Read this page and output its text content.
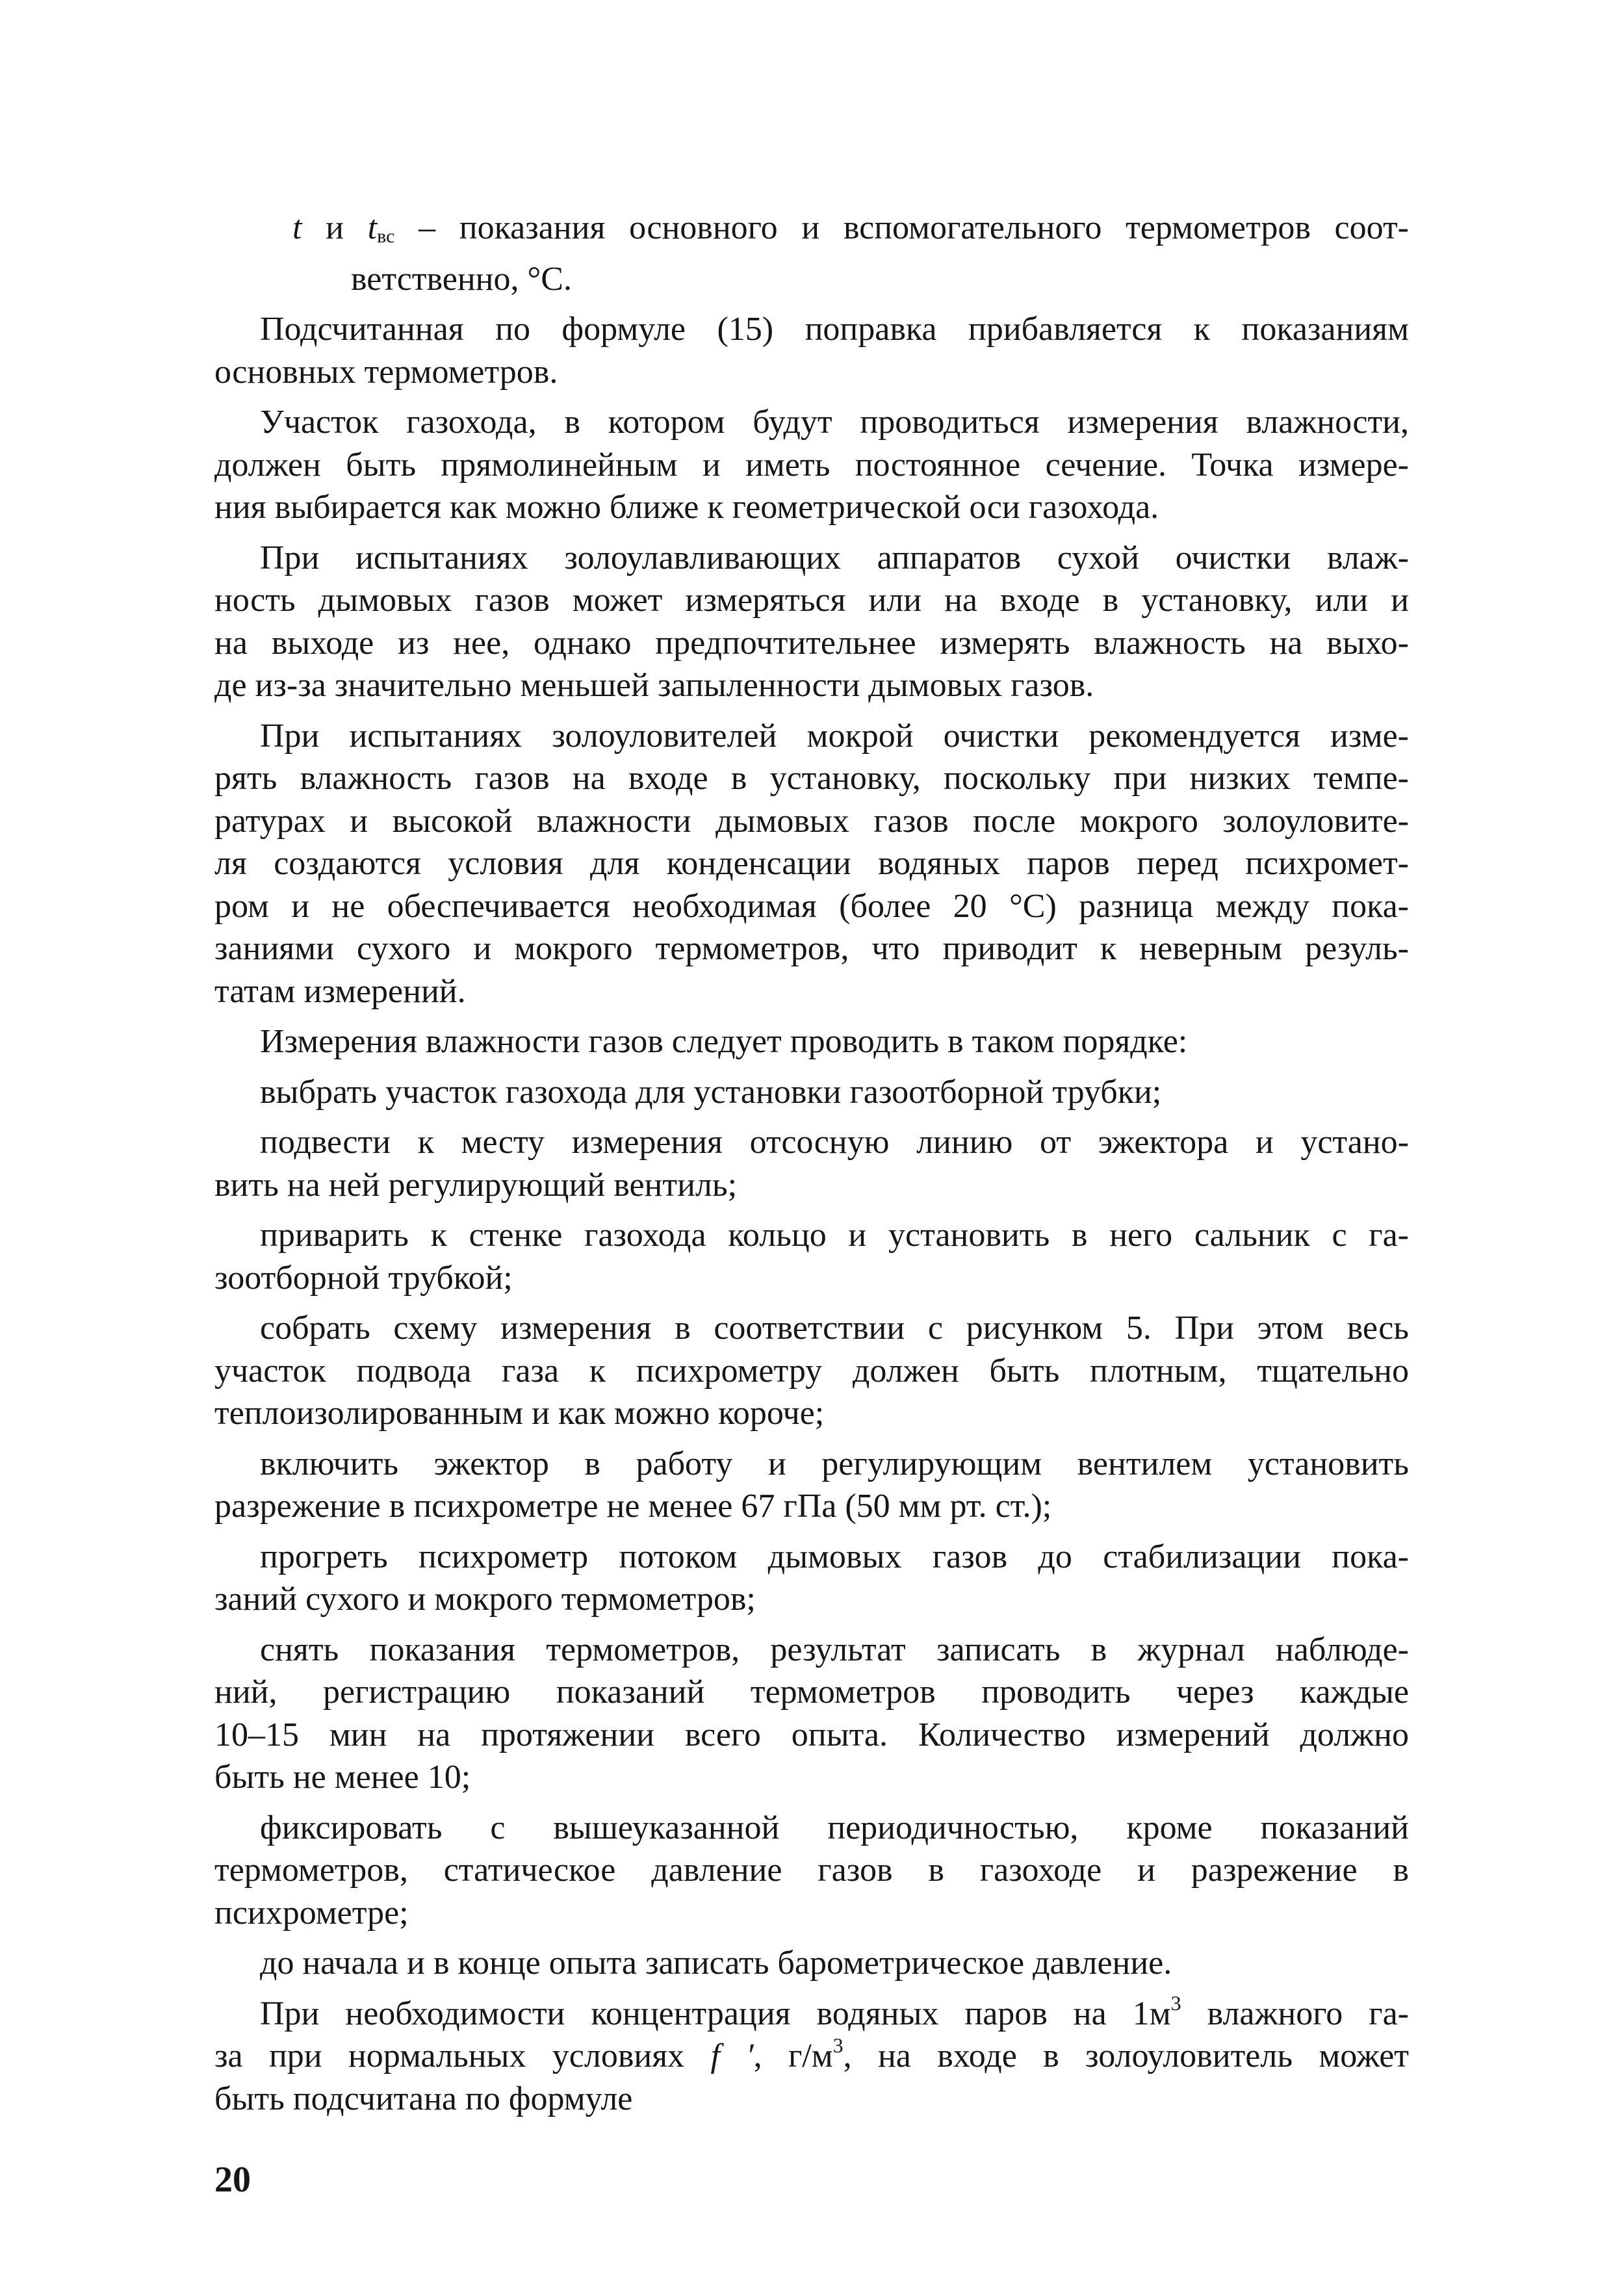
t и $t_{вс}$ – показания основного и вспомогательного термометров соот-
ветственно, °С.
Подсчитанная по формуле (15) поправка прибавляется к показаниям
основных термометров.
Участок газохода, в котором будут проводиться измерения влажности,
должен быть прямолинейным и иметь постоянное сечение. Точка измере-
ния выбирается как можно ближе к геометрической оси газохода.
При испытаниях золоулавливающих аппаратов сухой очистки влаж-
ность дымовых газов может измеряться или на входе в установку, или и
на выходе из нее, однако предпочтительнее измерять влажность на выхо-
де из-за значительно меньшей запыленности дымовых газов.
При испытаниях золоуловителей мокрой очистки рекомендуется изме-
рять влажность газов на входе в установку, поскольку при низких темпе-
ратурах и высокой влажности дымовых газов после мокрого золоуловите-
ля создаются условия для конденсации водяных паров перед психромет-
ром и не обеспечивается необходимая (более 20 °С) разница между пока-
заниями сухого и мокрого термометров, что приводит к неверным резуль-
татам измерений.
Измерения влажности газов следует проводить в таком порядке:
выбрать участок газохода для установки газоотборной трубки;
подвести к месту измерения отсосную линию от эжектора и устано-
вить на ней регулирующий вентиль;
приварить к стенке газохода кольцо и установить в него сальник с га-
зоотборной трубкой;
собрать схему измерения в соответствии с рисунком 5. При этом весь
участок подвода газа к психрометру должен быть плотным, тщательно
теплоизолированным и как можно короче;
включить эжектор в работу и регулирующим вентилем установить
разрежение в психрометре не менее 67 гПа (50 мм рт. ст.);
прогреть психрометр потоком дымовых газов до стабилизации пока-
заний сухого и мокрого термометров;
снять показания термометров, результат записать в журнал наблюде-
ний, регистрацию показаний термометров проводить через каждые
10–15 мин на протяжении всего опыта. Количество измерений должно
быть не менее 10;
фиксировать с вышеуказанной периодичностью, кроме показаний
термометров, статическое давление газов в газоходе и разрежение в
психрометре;
до начала и в конце опыта записать барометрическое давление.
При необходимости концентрация водяных паров на $1м^3$ влажного га-
за при нормальных условиях f ′, $г/м^3$, на входе в золоуловитель может
быть подсчитана по формуле
20
